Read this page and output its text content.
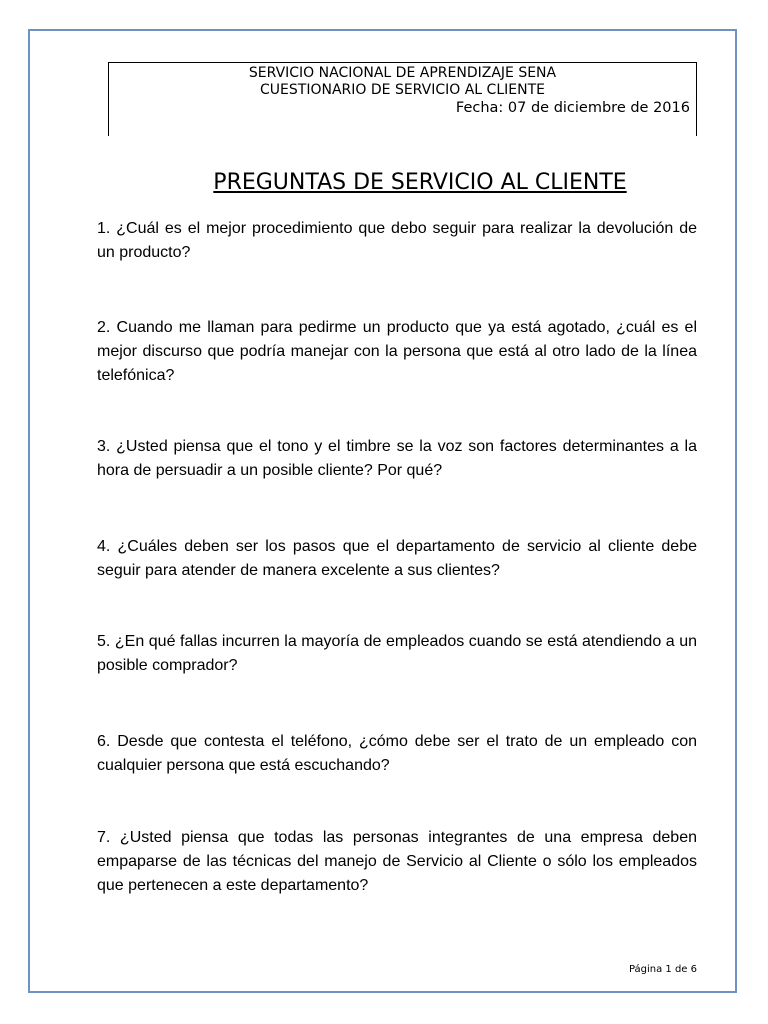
SERVICIO NACIONAL DE APRENDIZAJE SENA
CUESTIONARIO DE SERVICIO AL CLIENTE
Fecha: 07 de diciembre de 2016
PREGUNTAS DE SERVICIO AL CLIENTE

1. ¿Cuál es el mejor procedimiento que debo seguir para realizar la devolución de un producto?

2. Cuando me llaman para pedirme un producto que ya está agotado, ¿cuál es el mejor discurso que podría manejar con la persona que está al otro lado de la línea telefónica?

3. ¿Usted piensa que el tono y el timbre se la voz son factores determinantes a la hora de persuadir a un posible cliente? Por qué?

4. ¿Cuáles deben ser los pasos que el departamento de servicio al cliente debe seguir para atender de manera excelente a sus clientes?

5. ¿En qué fallas incurren la mayoría de empleados cuando se está atendiendo a un posible comprador?

6. Desde que contesta el teléfono, ¿cómo debe ser el trato de un empleado con cualquier persona que está escuchando?

7. ¿Usted piensa que todas las personas integrantes de una empresa deben empaparse de las técnicas del manejo de Servicio al Cliente o sólo los empleados que pertenecen a este departamento?

Página 1 de 6
